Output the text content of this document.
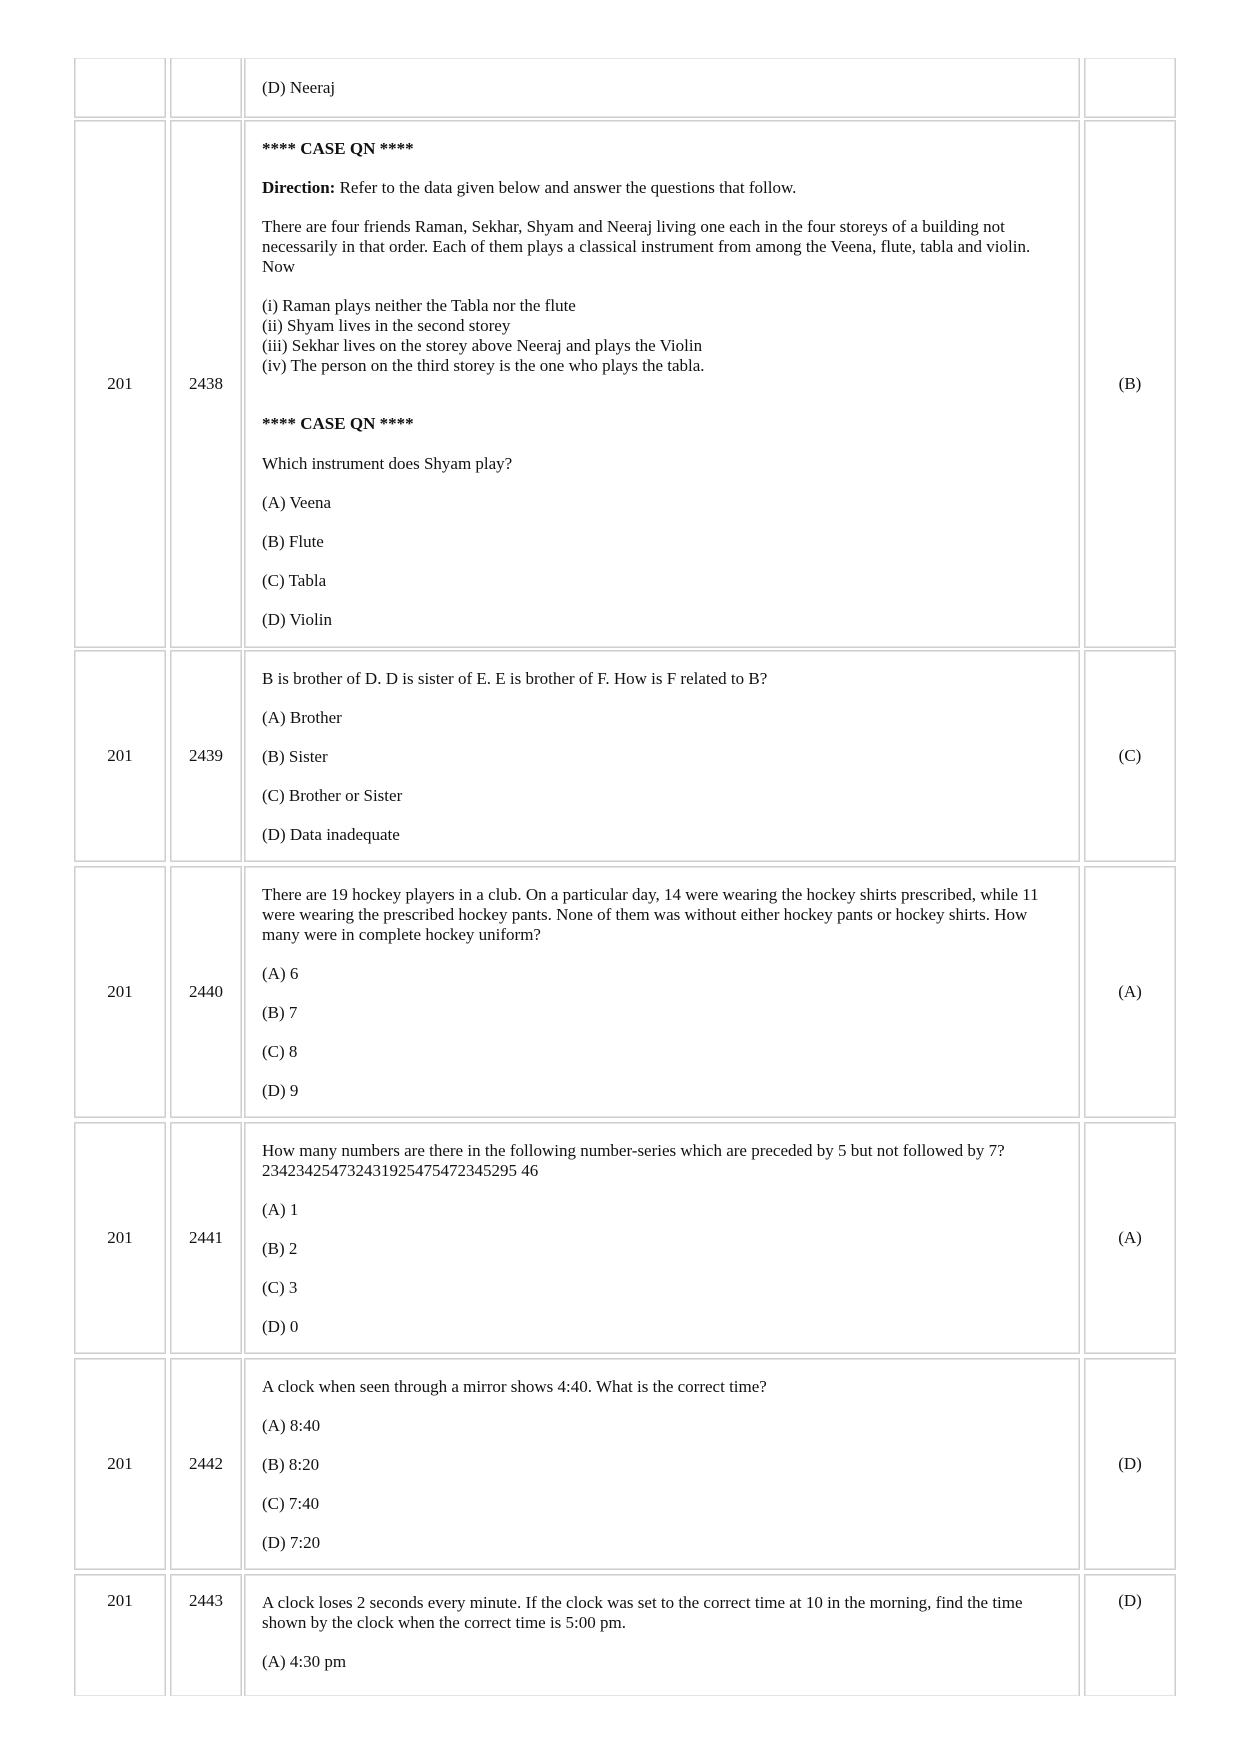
(D) Neeraj
201	2438

**** CASE QN ****

Direction: Refer to the data given below and answer the questions that follow.

There are four friends Raman, Sekhar, Shyam and Neeraj living one each in the four storeys of a building not necessarily in that order. Each of them plays a classical instrument from among the Veena, flute, tabla and violin. Now

(i) Raman plays neither the Tabla nor the flute
(ii) Shyam lives in the second storey
(iii) Sekhar lives on the storey above Neeraj and plays the Violin
(iv) The person on the third storey is the one who plays the tabla.

**** CASE QN ****

Which instrument does Shyam play?

(A) Veena
(B) Flute
(C) Tabla
(D) Violin
(B)
201	2439

B is brother of D. D is sister of E. E is brother of F. How is F related to B?

(A) Brother
(B) Sister
(C) Brother or Sister
(D) Data inadequate
(C)
201	2440

There are 19 hockey players in a club. On a particular day, 14 were wearing the hockey shirts prescribed, while 11 were wearing the prescribed hockey pants. None of them was without either hockey pants or hockey shirts. How many were in complete hockey uniform?

(A) 6
(B) 7
(C) 8
(D) 9
(A)
201	2441

How many numbers are there in the following number-series which are preceded by 5 but not followed by 7?
234234254732431925475472345295 46

(A) 1
(B) 2
(C) 3
(D) 0
(A)
201	2442

A clock when seen through a mirror shows 4:40. What is the correct time?

(A) 8:40
(B) 8:20
(C) 7:40
(D) 7:20
(D)
201	2443 A clock loses 2 seconds every minute. If the clock was set to the correct time at 10 in the morning, find the time shown by the clock when the correct time is 5:00 pm.

(A) 4:30 pm
(D)
